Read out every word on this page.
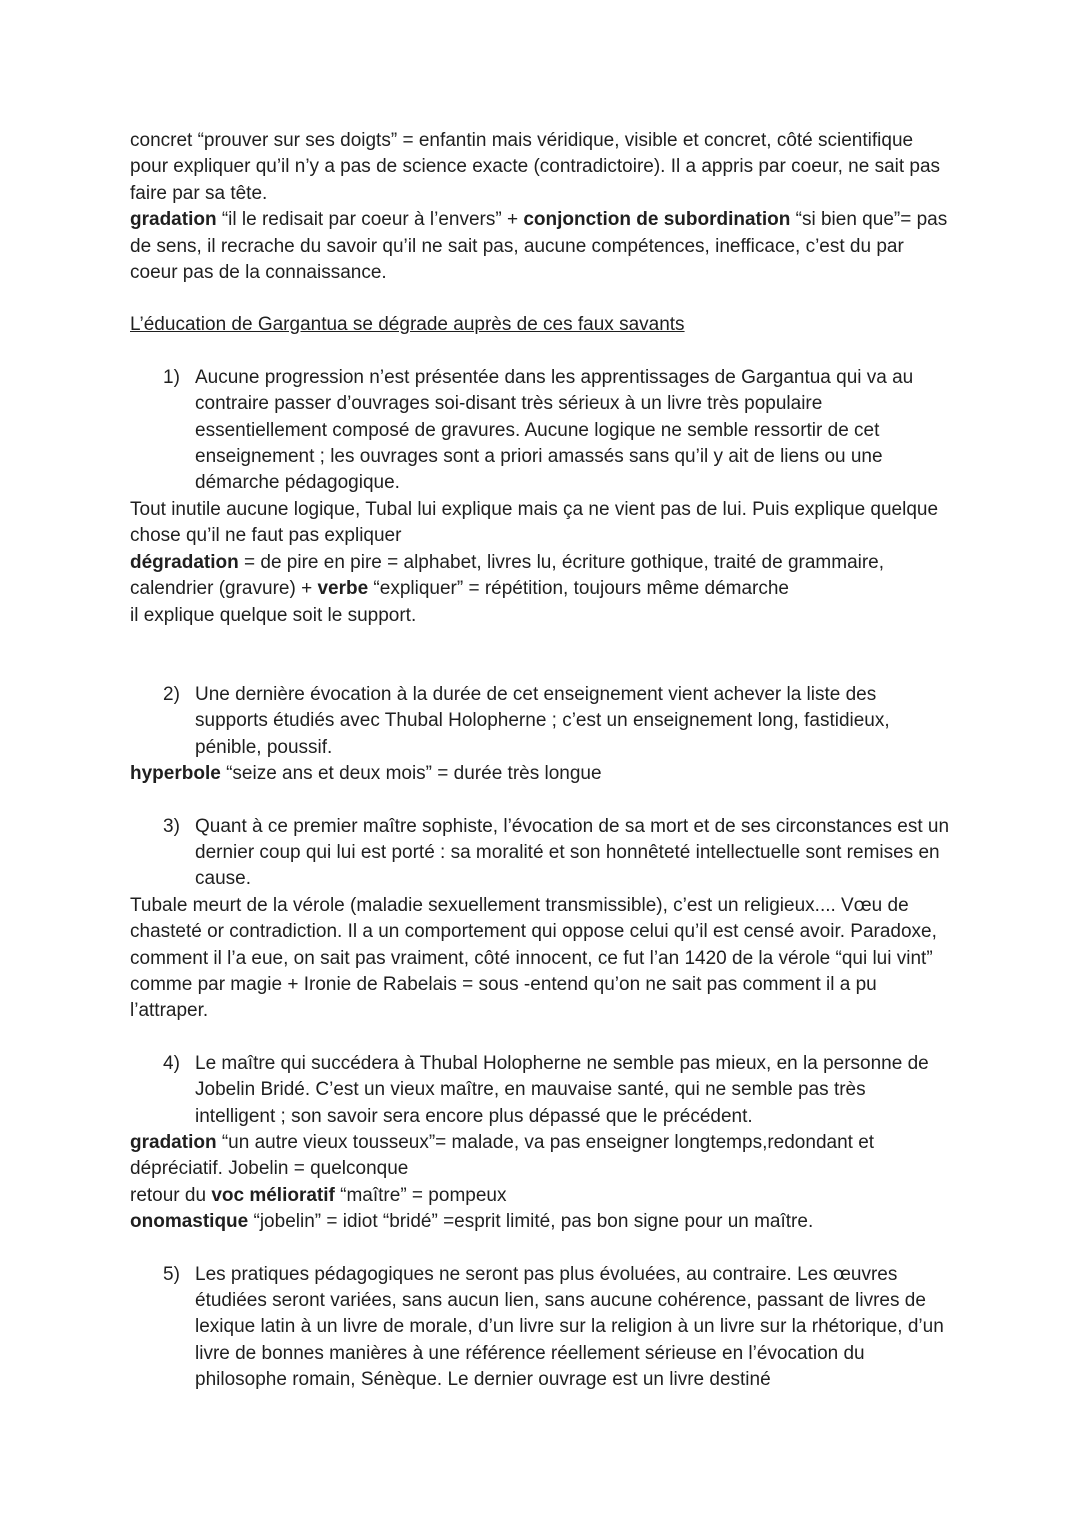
concret “prouver sur ses doigts” = enfantin mais véridique, visible et concret, côté scientifique pour expliquer qu’il n’y a pas de science exacte (contradictoire). Il a appris par coeur, ne sait pas faire par sa tête.

gradation “il le redisait par coeur à l’envers” + conjonction de subordination “si bien que”= pas de sens, il recrache du savoir qu’il ne sait pas, aucune compétences, inefficace, c’est du par coeur pas de la connaissance.

L’éducation de Gargantua se dégrade auprès de ces faux savants

1) Aucune progression n’est présentée dans les apprentissages de Gargantua qui va au contraire passer d’ouvrages soi-disant très sérieux à un livre très populaire essentiellement composé de gravures. Aucune logique ne semble ressortir de cet enseignement ; les ouvrages sont a priori amassés sans qu’il y ait de liens ou une démarche pédagogique.

Tout inutile aucune logique, Tubal lui explique mais ça ne vient pas de lui. Puis explique quelque chose qu’il ne faut pas expliquer

dégradation = de pire en pire = alphabet, livres lu, écriture gothique, traité de grammaire, calendrier (gravure) + verbe “expliquer” = répétition, toujours même démarche

il explique quelque soit le support.

2) Une dernière évocation à la durée de cet enseignement vient achever la liste des supports étudiés avec Thubal Holopherne ; c’est un enseignement long, fastidieux, pénible, poussif.

hyperbole “seize ans et deux mois” = durée très longue

3) Quant à ce premier maître sophiste, l’évocation de sa mort et de ses circonstances est un dernier coup qui lui est porté : sa moralité et son honnêteté intellectuelle sont remises en cause.

Tubale meurt de la vérole (maladie sexuellement transmissible), c’est un religieux.... Vœu de chasteté or contradiction. Il a un comportement qui oppose celui qu’il est censé avoir. Paradoxe, comment il l’a eue, on sait pas vraiment, côté innocent, ce fut l’an 1420 de la vérole “qui lui vint” comme par magie + Ironie de Rabelais = sous -entend qu’on ne sait pas comment il a pu l’attraper.

4) Le maître qui succédera à Thubal Holopherne ne semble pas mieux, en la personne de Jobelin Bridé. C’est un vieux maître, en mauvaise santé, qui ne semble pas très intelligent ; son savoir sera encore plus dépassé que le précédent.

gradation “un autre vieux tousseux”= malade, va pas enseigner longtemps,redondant et dépréciatif. Jobelin = quelconque

retour du voc mélioratif “maître” = pompeux

onomastique “jobelin” = idiot “bridé” =esprit limité, pas bon signe pour un maître.

5) Les pratiques pédagogiques ne seront pas plus évoluées, au contraire. Les œuvres étudiées seront variées, sans aucun lien, sans aucune cohérence, passant de livres de lexique latin à un livre de morale, d’un livre sur la religion à un livre sur la rhétorique, d’un livre de bonnes manières à une référence réellement sérieuse en l’évocation du philosophe romain, Sénèque. Le dernier ouvrage est un livre destiné
